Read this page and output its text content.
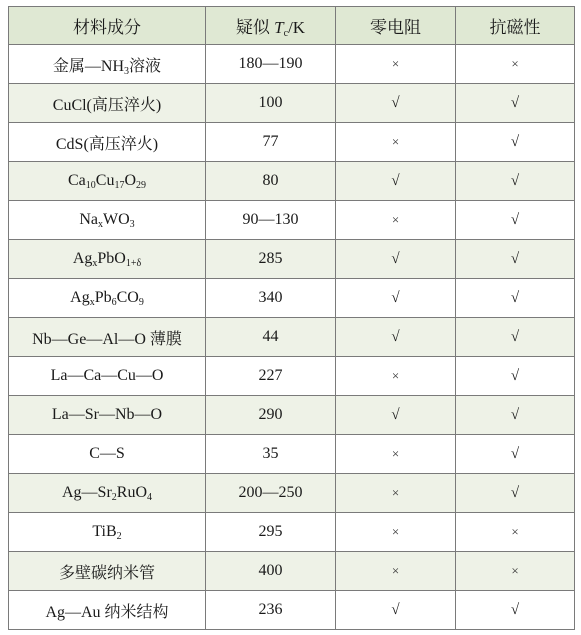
材料成分	疑似 $T_c/K$	零电阻	抗磁性
金属$—NH_3$溶液	180—190	×	×
CuCl(高压淬火)	100	√	√
CdS(高压淬火)	77	×	√
$Ca_{10}Cu_{17}O_{29}$	80	√	√
$Na_xWO_3$	90—130	×	√
$Ag_xPbO_{1+\delta}$	285	√	√
$Ag_xPb_6CO_9$	340	√	√
Nb—Ge—Al—O 薄膜	44	√	√
La—Ca—Cu—O	227	×	√
La—Sr—Nb—O	290	√	√
C—S	35	×	√
$Ag—Sr_2RuO_4$	200—250	×	√
TiB$_2$	295	×	×
多壁碳纳米管	400	×	×
Ag—Au 纳米结构	236	√	√
